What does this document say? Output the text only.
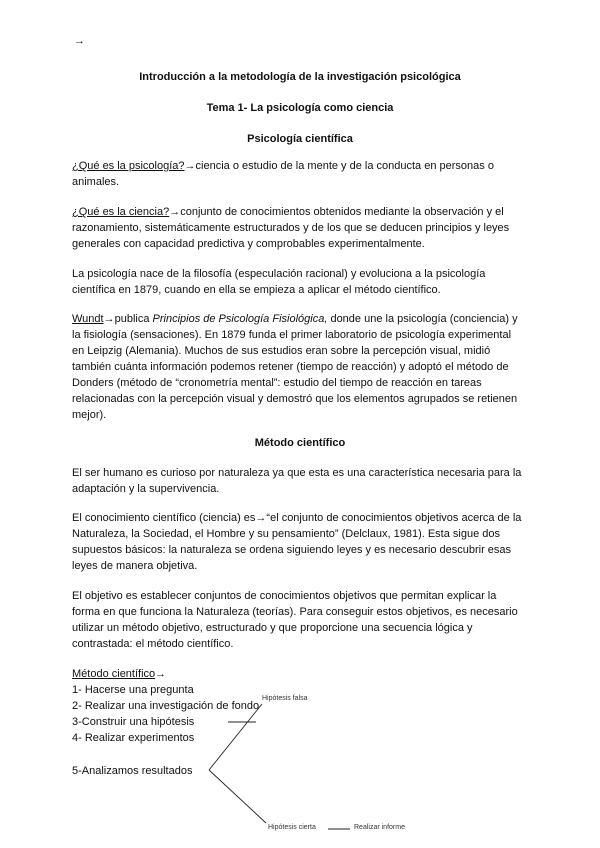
→
Introducción a la metodología de la investigación psicológica
Tema 1- La psicología como ciencia
Psicología científica
¿Qué es la psicología?→ciencia o estudio de la mente y de la conducta en personas o
animales.
¿Qué es la ciencia?→conjunto de conocimientos obtenidos mediante la observación y el
razonamiento, sistemáticamente estructurados y de los que se deducen principios y leyes
generales con capacidad predictiva y comprobables experimentalmente.
La psicología nace de la filosofía (especulación racional) y evoluciona a la psicología
científica en 1879, cuando en ella se empieza a aplicar el método científico.
Wundt→publica Principios de Psicología Fisiológica, donde une la psicología (conciencia) y
la fisiología (sensaciones). En 1879 funda el primer laboratorio de psicología experimental
en Leipzig (Alemania). Muchos de sus estudios eran sobre la percepción visual, midió
también cuánta información podemos retener (tiempo de reacción) y adoptó el método de
Donders (método de “cronometría mental”: estudio del tiempo de reacción en tareas
relacionadas con la percepción visual y demostró que los elementos agrupados se retienen
mejor).
Método científico
El ser humano es curioso por naturaleza ya que esta es una característica necesaria para la
adaptación y la supervivencia.
El conocimiento científico (ciencia) es→“el conjunto de conocimientos objetivos acerca de la
Naturaleza, la Sociedad, el Hombre y su pensamiento” (Delclaux, 1981). Esta sigue dos
supuestos básicos: la naturaleza se ordena siguiendo leyes y es necesario descubrir esas
leyes de manera objetiva.
El objetivo es establecer conjuntos de conocimientos objetivos que permitan explicar la
forma en que funciona la Naturaleza (teorías). Para conseguir estos objetivos, es necesario
utilizar un método objetivo, estructurado y que proporcione una secuencia lógica y
contrastada: el método científico.
Método científico→
1- Hacerse una pregunta
2- Realizar una investigación de fondo
3-Construir una hipótesis
4- Realizar experimentos
5-Analizamos resultados
Hipótesis falsa
Hipótesis cierta	Realizar informe
